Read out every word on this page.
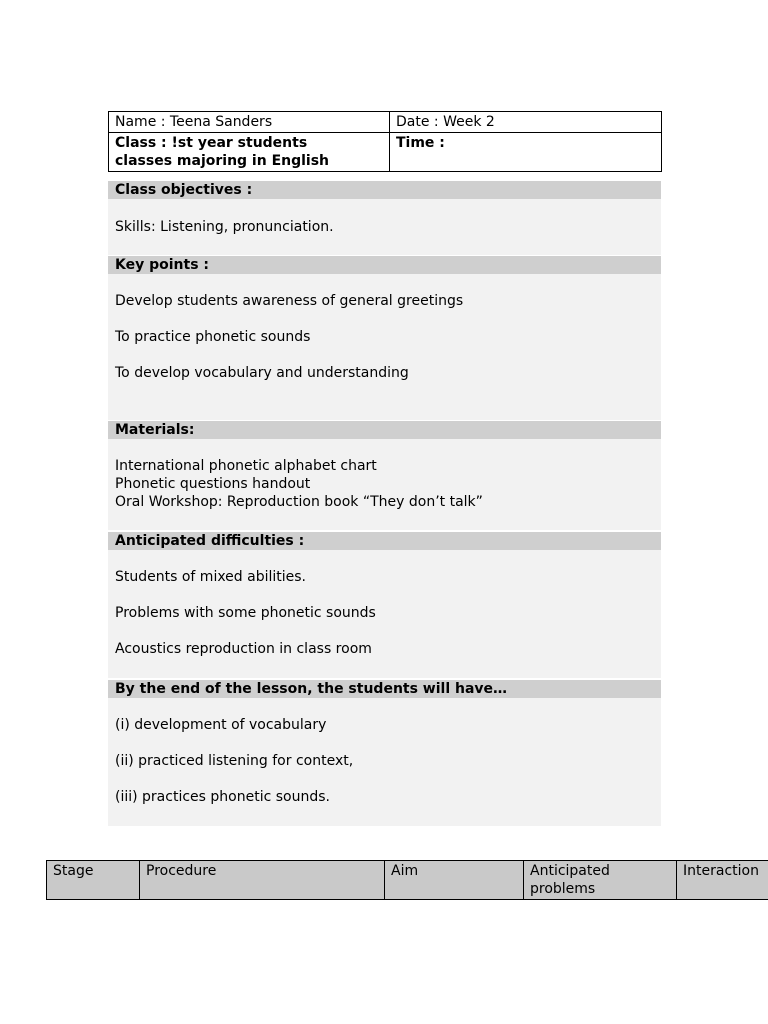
Name : Teena Sanders	Date : Week 2

Class : !st year students
classes majoring in English	Time :
Class objectives :
Skills: Listening, pronunciation.
Key points :
Develop students awareness of general greetings
To practice phonetic sounds
To develop vocabulary and understanding
Materials:
International phonetic alphabet chart
Phonetic questions handout
Oral Workshop: Reproduction book “They don’t talk”
Anticipated difficulties :
Students of mixed abilities.
Problems with some phonetic sounds
Acoustics reproduction in class room
By the end of the lesson, the students will have…
(i) development of vocabulary
(ii) practiced listening for context,
(iii) practices phonetic sounds.
Stage	Procedure	Aim	Anticipated problems	Interaction
